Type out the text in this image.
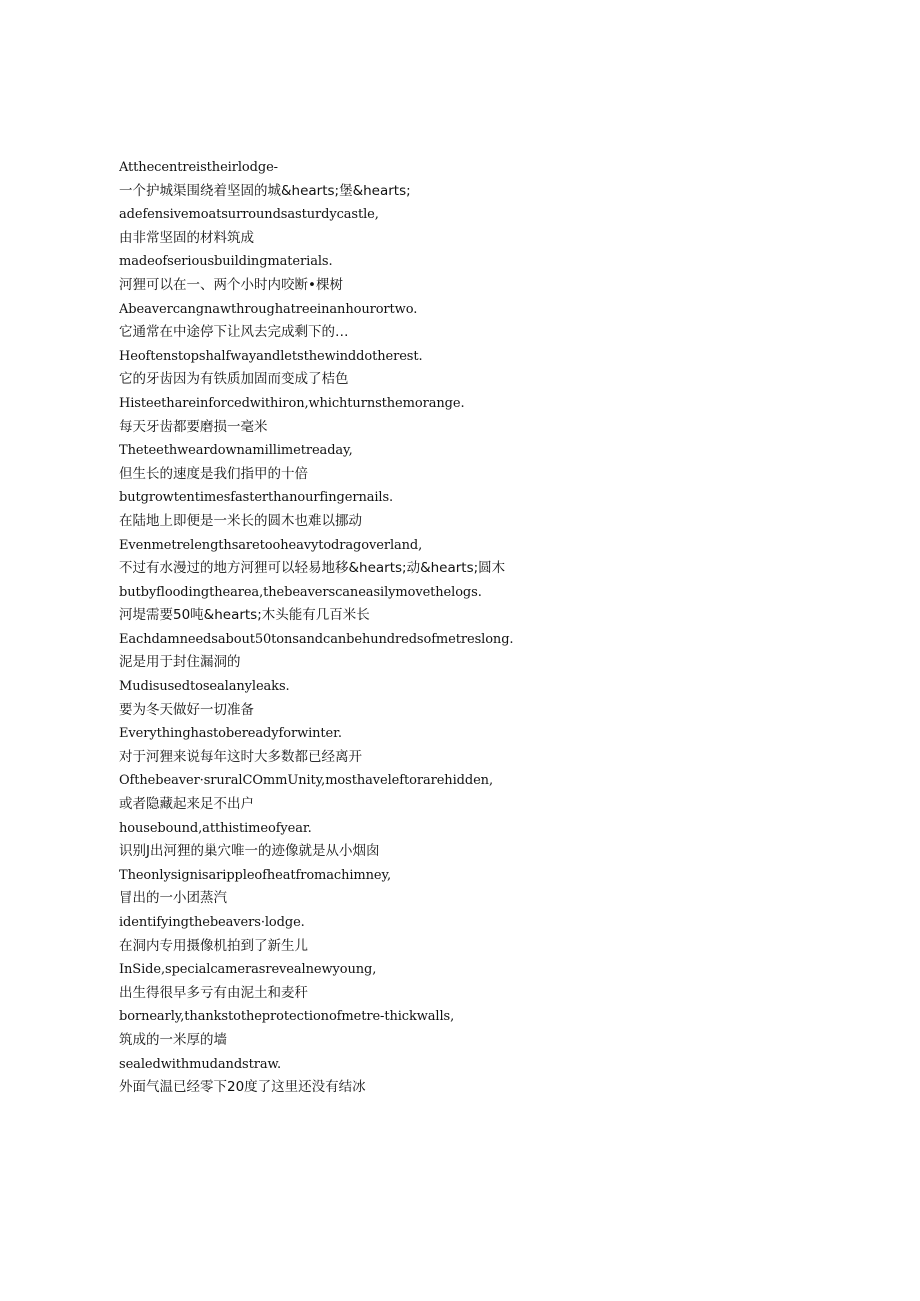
Atthecentreistheirlodge-
一个护城渠围绕着坚固的城&hearts;堡&hearts;
adefensivemoatsurroundsasturdycastle,
由非常坚固的材料筑成
madeofseriousbuildingmaterials.
河狸可以在一、两个小时内咬断•棵树
Abeavercangnawthroughatreeinanhourortwo.
它通常在中途停下让风去完成剩下的…
Heoftenstopshalfwayandletsthewinddotherest.
它的牙齿因为有铁质加固而变成了桔色
Histeethareinforcedwithiron,whichturnsthemorange.
每天牙齿都要磨损一毫米
Theteethweardownamillimetreaday,
但生长的速度是我们指甲的十倍
butgrowtentimesfasterthanourfingernails.
在陆地上即便是一米长的圆木也难以挪动
Evenmetrelengthsaretooheavytodragoverland,
不过有水漫过的地方河狸可以轻易地移&hearts;动&hearts;圆木
butbyfloodingthearea,thebeaverscaneasilymovethelogs.
河堤需要50吨&hearts;木头能有几百米长
Eachdamneedsabout50tonsandcanbehundredsofmetreslong.
泥是用于封住漏洞的
Mudisusedtosealanyleaks.
要为冬天做好一切准备
Everythinghastobereadyforwinter.
对于河狸来说每年这时大多数都已经离开
Ofthebeaver·sruralCOmmUnity,mosthaveleftorarehidden,
或者隐藏起来足不出户
housebound,atthistimeofyear.
识别J出河狸的巢穴唯一的迹像就是从小烟囱
Theonlysignisarippleofheatfromachimney,
冒出的一小团蒸汽
identifyingthebeavers·lodge.
在洞内专用摄像机拍到了新生儿
InSide,specialcamerasrevealnewyoung,
出生得很早多亏有由泥土和麦秆
bornearly,thankstotheprotectionofmetre-thickwalls,
筑成的一米厚的墙
sealedwithmudandstraw.
外面气温已经零下20度了这里还没有结冰
